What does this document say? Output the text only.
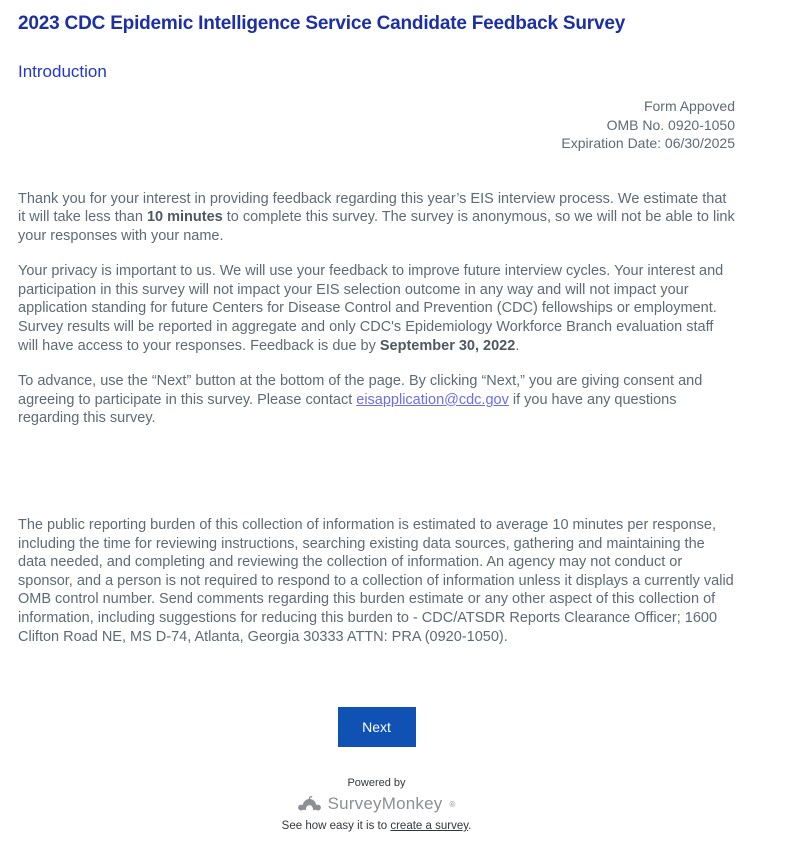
2023 CDC Epidemic Intelligence Service Candidate Feedback Survey
Introduction
Form Appoved
OMB No. 0920-1050
Expiration Date: 06/30/2025

Thank you for your interest in providing feedback regarding this year’s EIS interview process. We estimate that it will take less than 10 minutes to complete this survey. The survey is anonymous, so we will not be able to link your responses with your name.

Your privacy is important to us. We will use your feedback to improve future interview cycles. Your interest and participation in this survey will not impact your EIS selection outcome in any way and will not impact your application standing for future Centers for Disease Control and Prevention (CDC) fellowships or employment. Survey results will be reported in aggregate and only CDC's Epidemiology Workforce Branch evaluation staff will have access to your responses. Feedback is due by September 30, 2022.

To advance, use the “Next” button at the bottom of the page. By clicking “Next,” you are giving consent and agreeing to participate in this survey. Please contact eisapplication@cdc.gov if you have any questions regarding this survey.

The public reporting burden of this collection of information is estimated to average 10 minutes per response, including the time for reviewing instructions, searching existing data sources, gathering and maintaining the data needed, and completing and reviewing the collection of information. An agency may not conduct or sponsor, and a person is not required to respond to a collection of information unless it displays a currently valid OMB control number. Send comments regarding this burden estimate or any other aspect of this collection of information, including suggestions for reducing this burden to - CDC/ATSDR Reports Clearance Officer; 1600 Clifton Road NE, MS D-74, Atlanta, Georgia 30333 ATTN: PRA (0920-1050).

Next
Powered by
SurveyMonkey ®
See how easy it is to create a survey.
